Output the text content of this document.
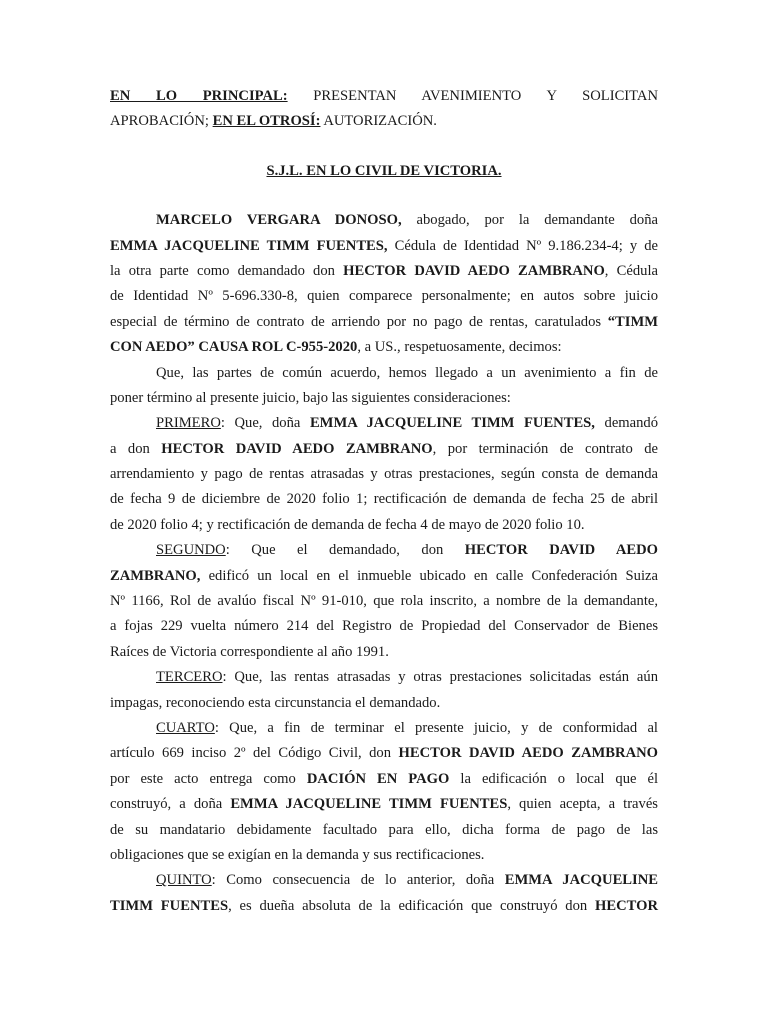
EN LO PRINCIPAL: PRESENTAN AVENIMIENTO Y SOLICITAN
APROBACIÓN; EN EL OTROSÍ: AUTORIZACIÓN.
S.J.L. EN LO CIVIL DE VICTORIA.
MARCELO VERGARA DONOSO, abogado, por la demandante doña
EMMA JACQUELINE TIMM FUENTES, Cédula de Identidad Nº 9.186.234-4; y de
la otra parte como demandado don HECTOR DAVID AEDO ZAMBRANO, Cédula
de Identidad Nº 5-696.330-8, quien comparece personalmente; en autos sobre juicio
especial de término de contrato de arriendo por no pago de rentas, caratulados “TIMM
CON AEDO” CAUSA ROL C-955-2020, a US., respetuosamente, decimos:
Que, las partes de común acuerdo, hemos llegado a un avenimiento a fin de
poner término al presente juicio, bajo las siguientes consideraciones:
PRIMERO: Que, doña EMMA JACQUELINE TIMM FUENTES, demandó
a don HECTOR DAVID AEDO ZAMBRANO, por terminación de contrato de
arrendamiento y pago de rentas atrasadas y otras prestaciones, según consta de demanda
de fecha 9 de diciembre de 2020 folio 1; rectificación de demanda de fecha 25 de abril
de 2020 folio 4; y rectificación de demanda de fecha 4 de mayo de 2020 folio 10.
SEGUNDO: Que el demandado, don HECTOR DAVID AEDO
ZAMBRANO, edificó un local en el inmueble ubicado en calle Confederación Suiza
Nº 1166, Rol de avalúo fiscal Nº 91-010, que rola inscrito, a nombre de la demandante,
a fojas 229 vuelta número 214 del Registro de Propiedad del Conservador de Bienes
Raíces de Victoria correspondiente al año 1991.
TERCERO: Que, las rentas atrasadas y otras prestaciones solicitadas están aún
impagas, reconociendo esta circunstancia el demandado.
CUARTO: Que, a fin de terminar el presente juicio, y de conformidad al
artículo 669 inciso 2º del Código Civil, don HECTOR DAVID AEDO ZAMBRANO
por este acto entrega como DACIÓN EN PAGO la edificación o local que él
construyó, a doña EMMA JACQUELINE TIMM FUENTES, quien acepta, a través
de su mandatario debidamente facultado para ello, dicha forma de pago de las
obligaciones que se exigían en la demanda y sus rectificaciones.
QUINTO: Como consecuencia de lo anterior, doña EMMA JACQUELINE
TIMM FUENTES, es dueña absoluta de la edificación que construyó don HECTOR
